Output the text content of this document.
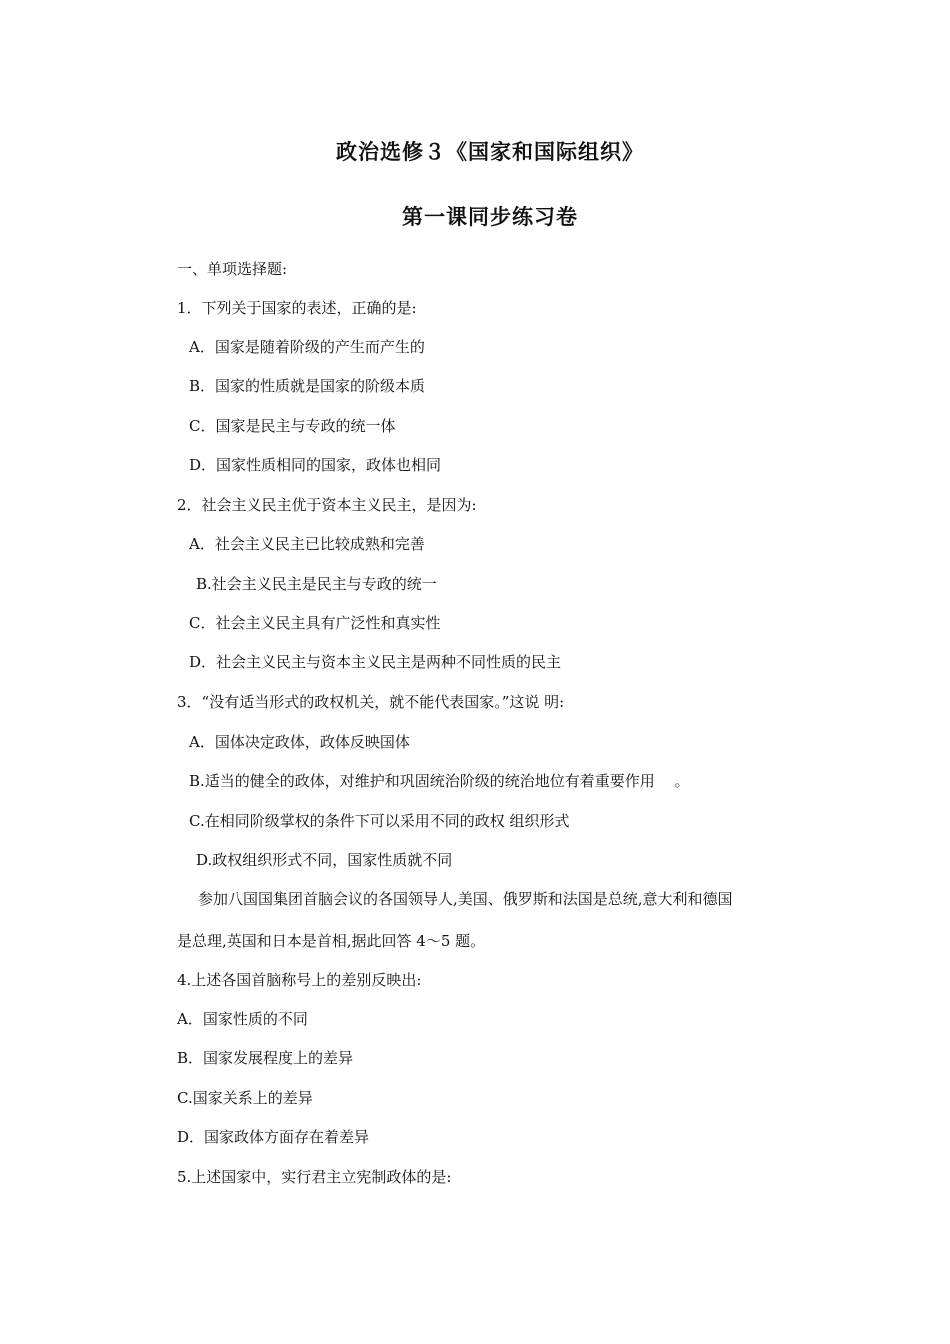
政治选修３《国家和国际组织》
第一课同步练习卷

一、单项选择题:

1．下列关于国家的表述，正确的是:

A．国家是随着阶级的产生而产生的

B．国家的性质就是国家的阶级本质

C．国家是民主与专政的统一体

D．国家性质相同的国家，政体也相同

2．社会主义民主优于资本主义民主，是因为:

A．社会主义民主已比较成熟和完善

B.社会主义民主是民主与专政的统一

C．社会主义民主具有广泛性和真实性

D．社会主义民主与资本主义民主是两种不同性质的民主

3．“没有适当形式的政权机关，就不能代表国家。”这说 明:

A．国体决定政体，政体反映国体

B.适当的健全的政体，对维护和巩固统治阶级的统治地位有着重要作用　 。

C.在相同阶级掌权的条件下可以采用不同的政权 组织形式

D.政权组织形式不同，国家性质就不同

参加八国国集团首脑会议的各国领导人,美国、俄罗斯和法国是总统,意大利和德国

是总理,英国和日本是首相,据此回答 4～5 题。

4.上述各国首脑称号上的差别反映出:

A．国家性质的不同

B．国家发展程度上的差异

C.国家关系上的差异

D．国家政体方面存在着差异

5.上述国家中，实行君主立宪制政体的是:
